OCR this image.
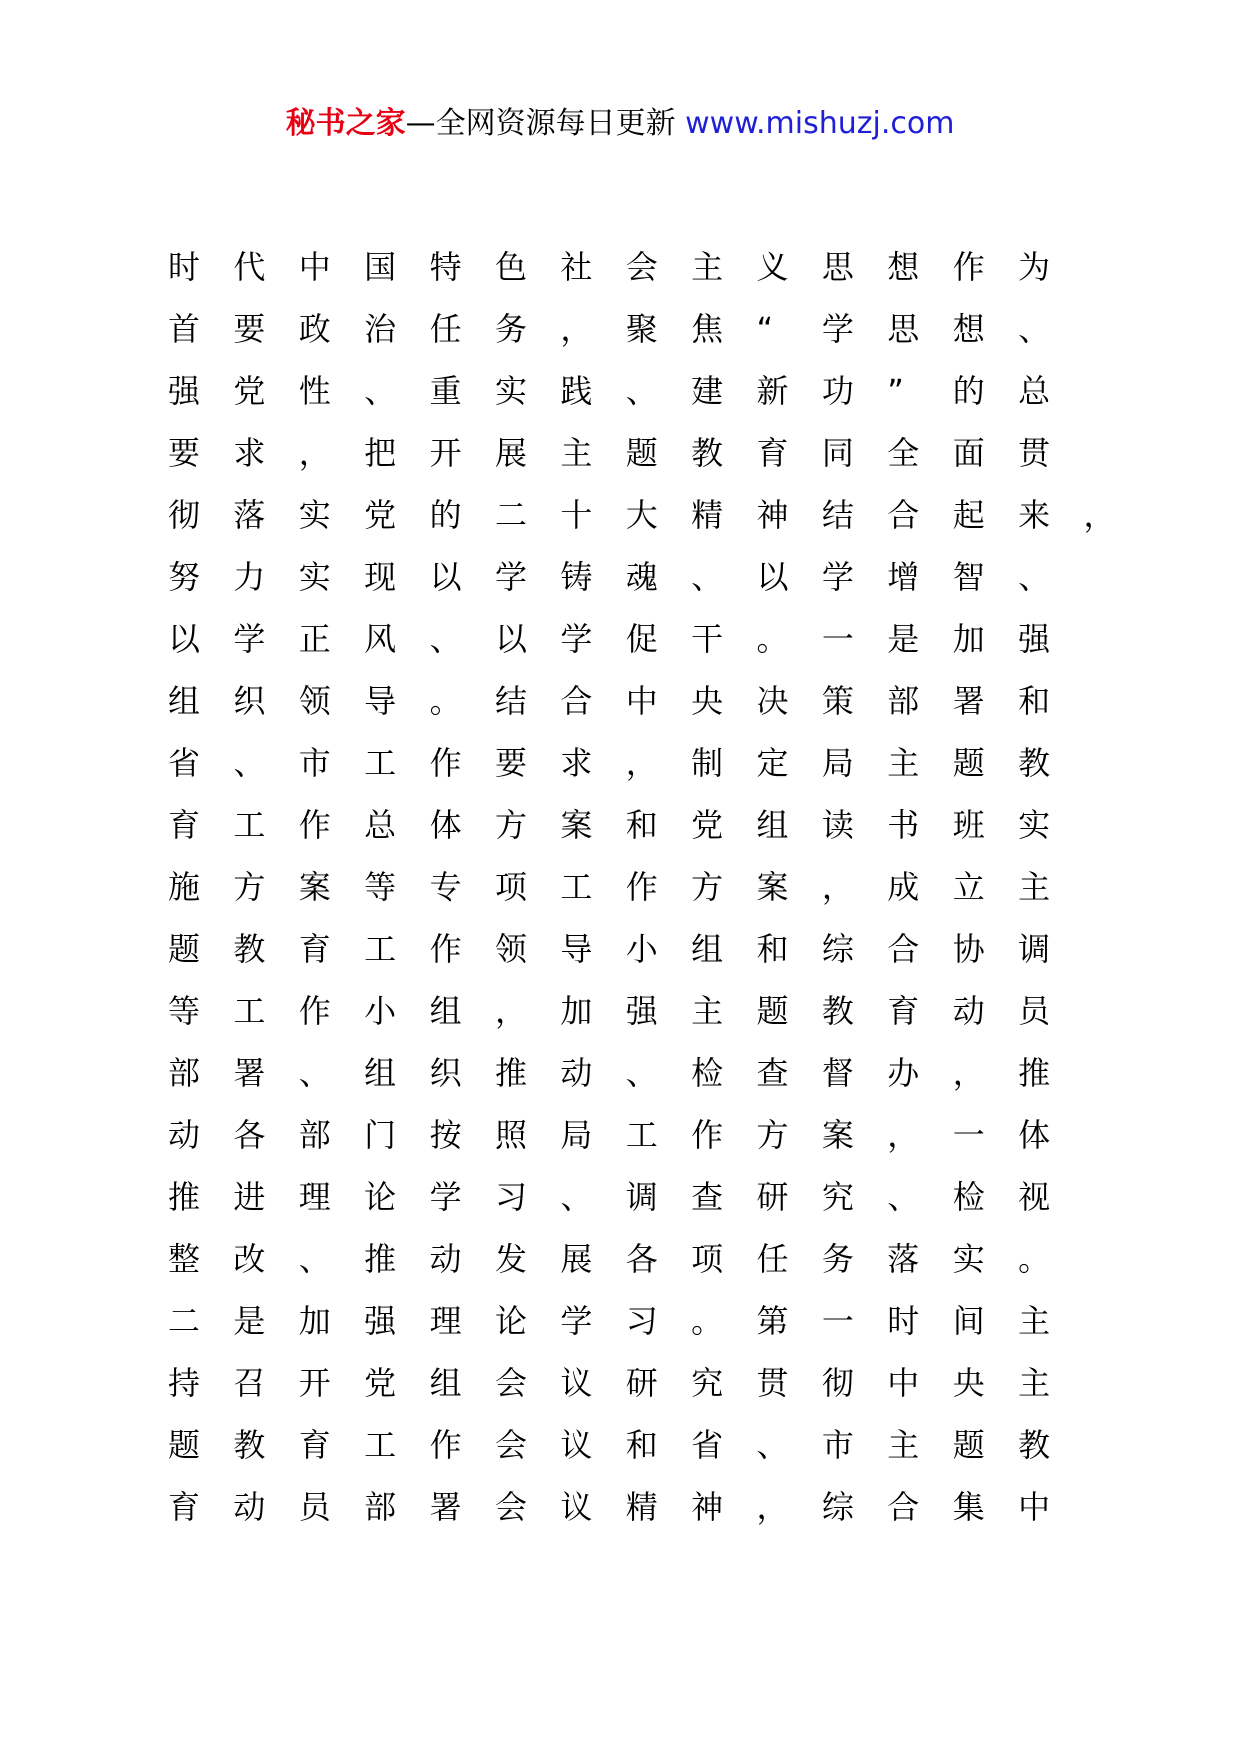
秘书之家—全网资源每日更新 www.mishuzj.com
时 代 中 国 特 色 社 会 主 义 思 想 作 为
首 要 政 治 任 务 ， 聚 焦 “ 学 思 想 、
强 党 性 、 重 实 践 、 建 新 功 ” 的 总
要 求 ， 把 开 展 主 题 教 育 同 全 面 贯
彻 落 实 党 的 二 十 大 精 神 结 合 起 来 ，
努 力 实 现 以 学 铸 魂 、 以 学 增 智 、
以 学 正 风 、 以 学 促 干 。 一 是 加 强
组 织 领 导 。 结 合 中 央 决 策 部 署 和
省 、 市 工 作 要 求 ， 制 定 局 主 题 教
育 工 作 总 体 方 案 和 党 组 读 书 班 实
施 方 案 等 专 项 工 作 方 案 ， 成 立 主
题 教 育 工 作 领 导 小 组 和 综 合 协 调
等 工 作 小 组 ， 加 强 主 题 教 育 动 员
部 署 、 组 织 推 动 、 检 查 督 办 ， 推
动 各 部 门 按 照 局 工 作 方 案 ， 一 体
推 进 理 论 学 习 、 调 查 研 究 、 检 视
整 改 、 推 动 发 展 各 项 任 务 落 实 。
二 是 加 强 理 论 学 习 。 第 一 时 间 主
持 召 开 党 组 会 议 研 究 贯 彻 中 央 主
题 教 育 工 作 会 议 和 省 、 市 主 题 教
育 动 员 部 署 会 议 精 神 ， 综 合 集 中
